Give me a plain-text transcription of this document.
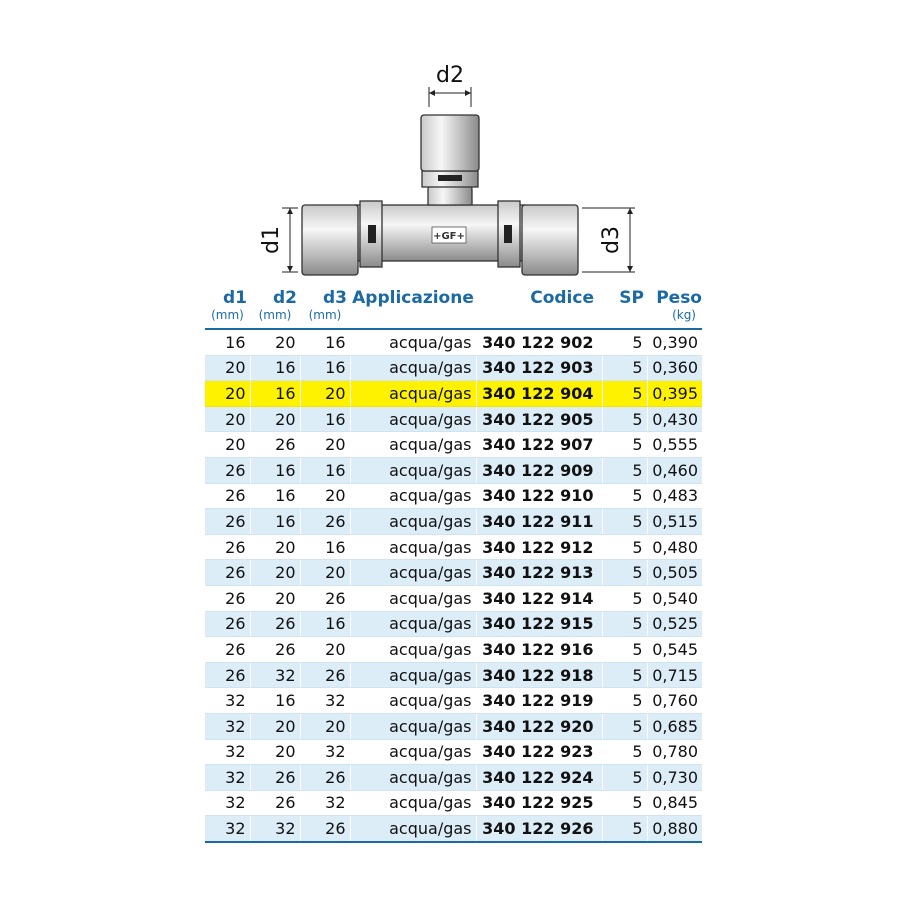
+GF+
d2
d1	d3
d1	d2	d3	Applicazione	Codice	SP	Peso
(mm)	(mm)	(mm)				(kg)
16	20	16	acqua/gas	340 122 902	5	0,390
20	16	16	acqua/gas	340 122 903	5	0,360
20	16	20	acqua/gas	340 122 904	5	0,395
20	20	16	acqua/gas	340 122 905	5	0,430
20	26	20	acqua/gas	340 122 907	5	0,555
26	16	16	acqua/gas	340 122 909	5	0,460
26	16	20	acqua/gas	340 122 910	5	0,483
26	16	26	acqua/gas	340 122 911	5	0,515
26	20	16	acqua/gas	340 122 912	5	0,480
26	20	20	acqua/gas	340 122 913	5	0,505
26	20	26	acqua/gas	340 122 914	5	0,540
26	26	16	acqua/gas	340 122 915	5	0,525
26	26	20	acqua/gas	340 122 916	5	0,545
26	32	26	acqua/gas	340 122 918	5	0,715
32	16	32	acqua/gas	340 122 919	5	0,760
32	20	20	acqua/gas	340 122 920	5	0,685
32	20	32	acqua/gas	340 122 923	5	0,780
32	26	26	acqua/gas	340 122 924	5	0,730
32	26	32	acqua/gas	340 122 925	5	0,845
32	32	26	acqua/gas	340 122 926	5	0,880
